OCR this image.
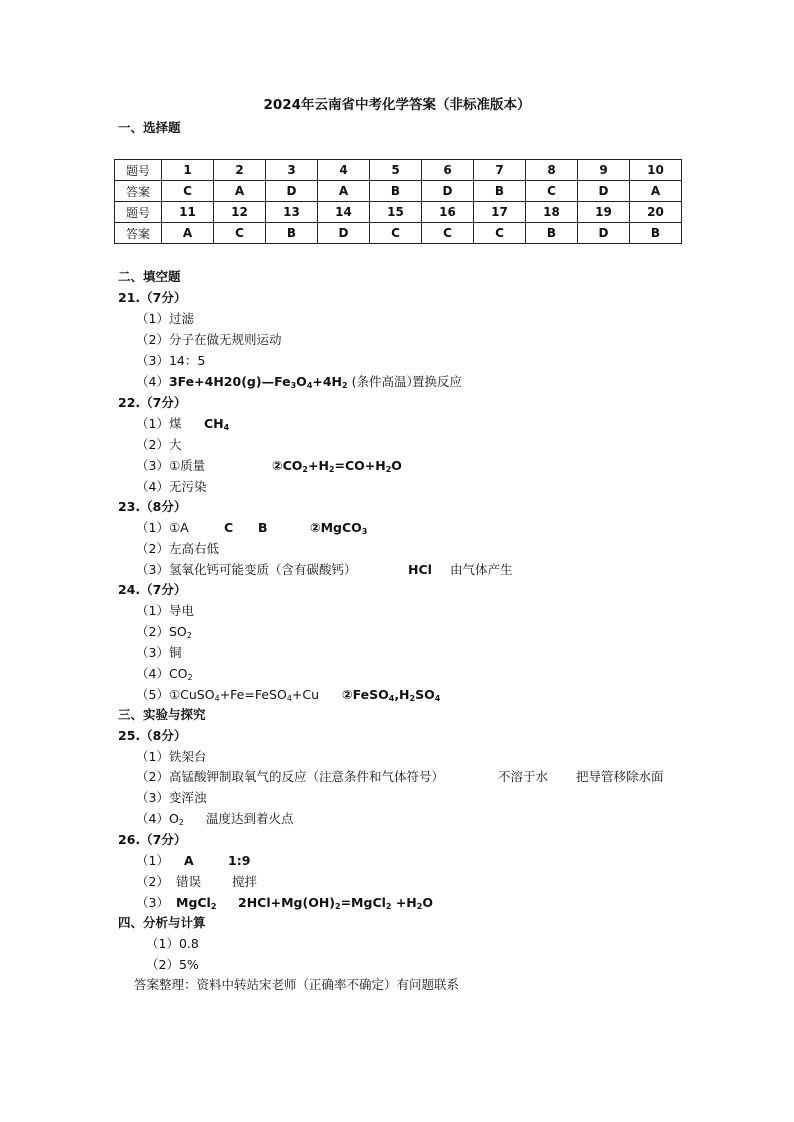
2024年云南省中考化学答案（非标准版本）
一、选择题
题号	1	2	3	4	5	6	7	8	9	10
答案	C	A	D	A	B	D	B	C	D	A
题号	11	12	13	14	15	16	17	18	19	20
答案	A	C	B	D	C	C	C	B	D	B
二、填空题
21.（7分）
（1）过滤
（2）分子在做无规则运动
（3）14：5
$(4)3Fe+4H20(g)—Fe_3O_4+4H_2$ (条件高温）
置换反应
22.（7分）
（1）煤 $CH_4$
（2）大
（3）①质量	$②CO_2+H_2=CO+H_2O$
（4）无污染
23.（8分）
（1）①A	C B	②MgCO$_3$
（2）左高右低
（3）氢氧化钙可能变质（含有碳酸钙）	HCl 由气体产生
24.（7分）
（1）导电
$(2)SO_2$
（3）铜
$(4)CO_2$
（5）①CuSO$_4$+Fe=FeSO$_4$+Cu $②FeSO_4,H_2SO_4$
三、实验与探究
25.（8分）
（1）铁架台
（2）高锰酸钾制取氧气的反应（注意条件和气体符号）	不溶于水 把导管移除水面
（3）变浑浊
$(4)O_2$ 温度达到着火点
26.（7分）
（1） A	1:9
（2） 错误 搅拌
（3） MgCl$_2$ $2HCl+Mg(OH)_2=MgCl_2 +H_2O$
四、分析与计算
（1）0.8
（2）5%
答案整理：资料中转站宋老师（正确率不确定）有问题联系
